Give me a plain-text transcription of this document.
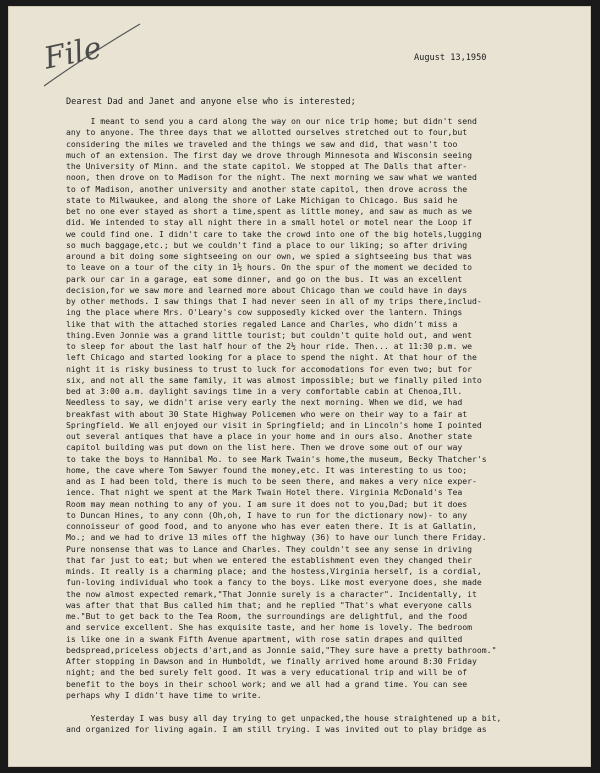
File	August 13,1950
Dearest Dad and Janet and anyone else who is interested;
I meant to send you a card along the way on our nice trip home; but didn't send
any to anyone. The three days that we allotted ourselves stretched out to four,but
considering the miles we traveled and the things we saw and did, that wasn't too
much of an extension. The first day we drove through Minnesota and Wisconsin seeing
the University of Minn. and the state capitol. We stopped at The Dalls that after-
noon, then drove on to Madison for the night. The next morning we saw what we wanted
to of Madison, another university and another state capitol, then drove across the
state to Milwaukee, and along the shore of Lake Michigan to Chicago. Bus said he
bet no one ever stayed as short a time,spent as little money, and saw as much as we
did. We intended to stay all night there in a small hotel or motel near the Loop if
we could find one. I didn't care to take the crowd into one of the big hotels,lugging
so much baggage,etc.; but we couldn't find a place to our liking; so after driving
around a bit doing some sightseeing on our own, we spied a sightseeing bus that was
to leave on a tour of the city in 1½ hours. On the spur of the moment we decided to
park our car in a garage, eat some dinner, and go on the bus. It was an excellent
decision,for we saw more and learned more about Chicago than we could have in days
by other methods. I saw things that I had never seen in all of my trips there,includ-
ing the place where Mrs. O'Leary's cow supposedly kicked over the lantern. Things
like that with the attached stories regaled Lance and Charles, who didn't miss a
thing.Even Jonnie was a grand little tourist; but couldn't quite hold out, and went
to sleep for about the last half hour of the 2½ hour ride. Then... at 11:30 p.m. we
left Chicago and started looking for a place to spend the night. At that hour of the
night it is risky business to trust to luck for accomodations for even two; but for
six, and not all the same family, it was almost impossible; but we finally piled into
bed at 3:00 a.m. daylight savings time in a very comfortable cabin at Chenoa,Ill.
Needless to say, we didn't arise very early the next morning. When we did, we had
breakfast with about 30 State Highway Policemen who were on their way to a fair at
Springfield. We all enjoyed our visit in Springfield; and in Lincoln's home I pointed
out several antiques that have a place in your home and in ours also. Another state
capitol building was put down on the list here. Then we drove some out of our way
to take the boys to Hannibal Mo. to see Mark Twain's home,the museum, Becky Thatcher's
home, the cave where Tom Sawyer found the money,etc. It was interesting to us too;
and as I had been told, there is much to be seen there, and makes a very nice exper-
ience. That night we spent at the Mark Twain Hotel there. Virginia McDonald's Tea
Room may mean nothing to any of you. I am sure it does not to you,Dad; but it does
to Duncan Hines, to any conn (Oh,oh, I have to run for the dictionary now)- to any
connoisseur of good food, and to anyone who has ever eaten there. It is at Gallatin,
Mo.; and we had to drive 13 miles off the highway (36) to have our lunch there Friday.
Pure nonsense that was to Lance and Charles. They couldn't see any sense in driving
that far just to eat; but when we entered the establishment even they changed their
minds. It really is a charming place; and the hostess,Virginia herself, is a cordial,
fun-loving individual who took a fancy to the boys. Like most everyone does, she made
the now almost expected remark,"That Jonnie surely is a character". Incidentally, it
was after that that Bus called him that; and he replied "That's what everyone calls
me."But to get back to the Tea Room, the surroundings are delightful, and the food
and service excellent. She has exquisite taste, and her home is lovely. The bedroom
is like one in a swank Fifth Avenue apartment, with rose satin drapes and quilted
bedspread,priceless objects d'art,and as Jonnie said,"They sure have a pretty bathroom."
After stopping in Dawson and in Humboldt, we finally arrived home around 8:30 Friday
night; and the bed surely felt good. It was a very educational trip and will be of
benefit to the boys in their school work; and we all had a grand time. You can see
perhaps why I didn't have time to write.
Yesterday I was busy all day trying to get unpacked,the house straightened up a bit,
and organized for living again. I am still trying. I was invited out to play bridge as
